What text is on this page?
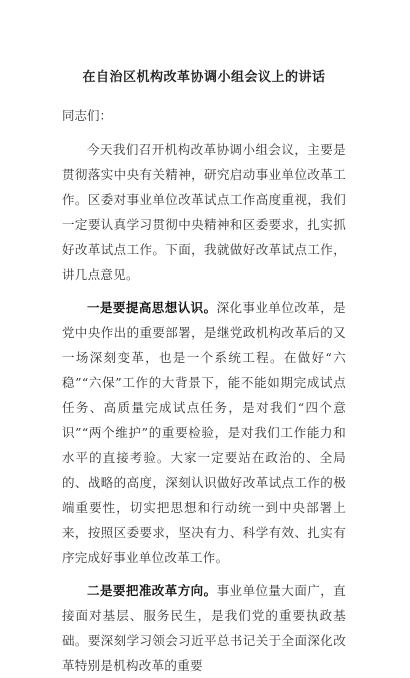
在自治区机构改革协调小组会议上的讲话
同志们：

今天我们召开机构改革协调小组会议，主要是贯彻落实中央有关精神，研究启动事业单位改革工作。区委对事业单位改革试点工作高度重视，我们一定要认真学习贯彻中央精神和区委要求，扎实抓好改革试点工作。下面，我就做好改革试点工作，讲几点意见。

一是要提高思想认识。深化事业单位改革，是党中央作出的重要部署，是继党政机构改革后的又一场深刻变革，也是一个系统工程。在做好“六稳”“六保”工作的大背景下，能不能如期完成试点任务、高质量完成试点任务，是对我们“四个意识”“两个维护”的重要检验，是对我们工作能力和水平的直接考验。大家一定要站在政治的、全局的、战略的高度，深刻认识做好改革试点工作的极端重要性，切实把思想和行动统一到中央部署上来，按照区委要求，坚决有力、科学有效、扎实有序完成好事业单位改革工作。

二是要把准改革方向。事业单位量大面广，直接面对基层、服务民生，是我们党的重要执政基础。要深刻学习领会习近平总书记关于全面深化改革特别是机构改革的重要
